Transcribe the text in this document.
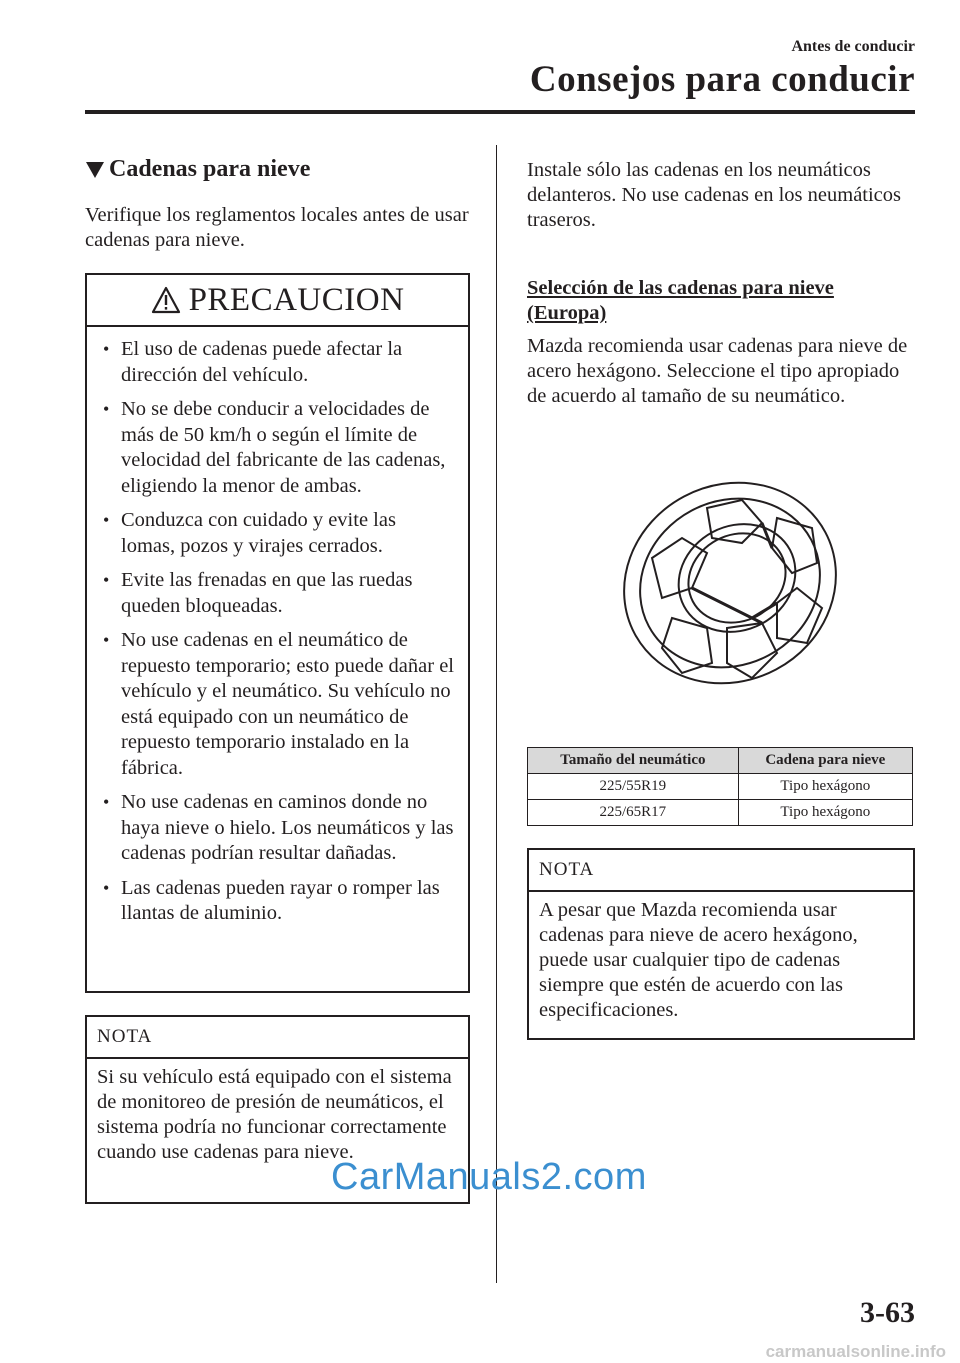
Antes de conducir
Consejos para conducir
Cadenas para nieve
Verifique los reglamentos locales antes de usar cadenas para nieve.
PRECAUCION
• El uso de cadenas puede afectar la dirección del vehículo.
• No se debe conducir a velocidades de más de 50 km/h o según el límite de velocidad del fabricante de las cadenas, eligiendo la menor de ambas.
• Conduzca con cuidado y evite las lomas, pozos y virajes cerrados.
• Evite las frenadas en que las ruedas queden bloqueadas.
• No use cadenas en el neumático de repuesto temporario; esto puede dañar el vehículo y el neumático. Su vehículo no está equipado con un neumático de repuesto temporario instalado en la fábrica.
• No use cadenas en caminos donde no haya nieve o hielo. Los neumáticos y las cadenas podrían resultar dañadas.
• Las cadenas pueden rayar o romper las llantas de aluminio.
NOTA
Si su vehículo está equipado con el sistema de monitoreo de presión de neumáticos, el sistema podría no funcionar correctamente cuando use cadenas para nieve.
Instale sólo las cadenas en los neumáticos delanteros. No use cadenas en los neumáticos traseros.
Selección de las cadenas para nieve (Europa)
Mazda recomienda usar cadenas para nieve de acero hexágono. Seleccione el tipo apropiado de acuerdo al tamaño de su neumático.
Tamaño del neumático	Cadena para nieve
225/55R19	Tipo hexágono
225/65R17	Tipo hexágono
NOTA
A pesar que Mazda recomienda usar cadenas para nieve de acero hexágono, puede usar cualquier tipo de cadenas siempre que estén de acuerdo con las especificaciones.
3-63
CarManuals2.com
carmanualsonline.info
